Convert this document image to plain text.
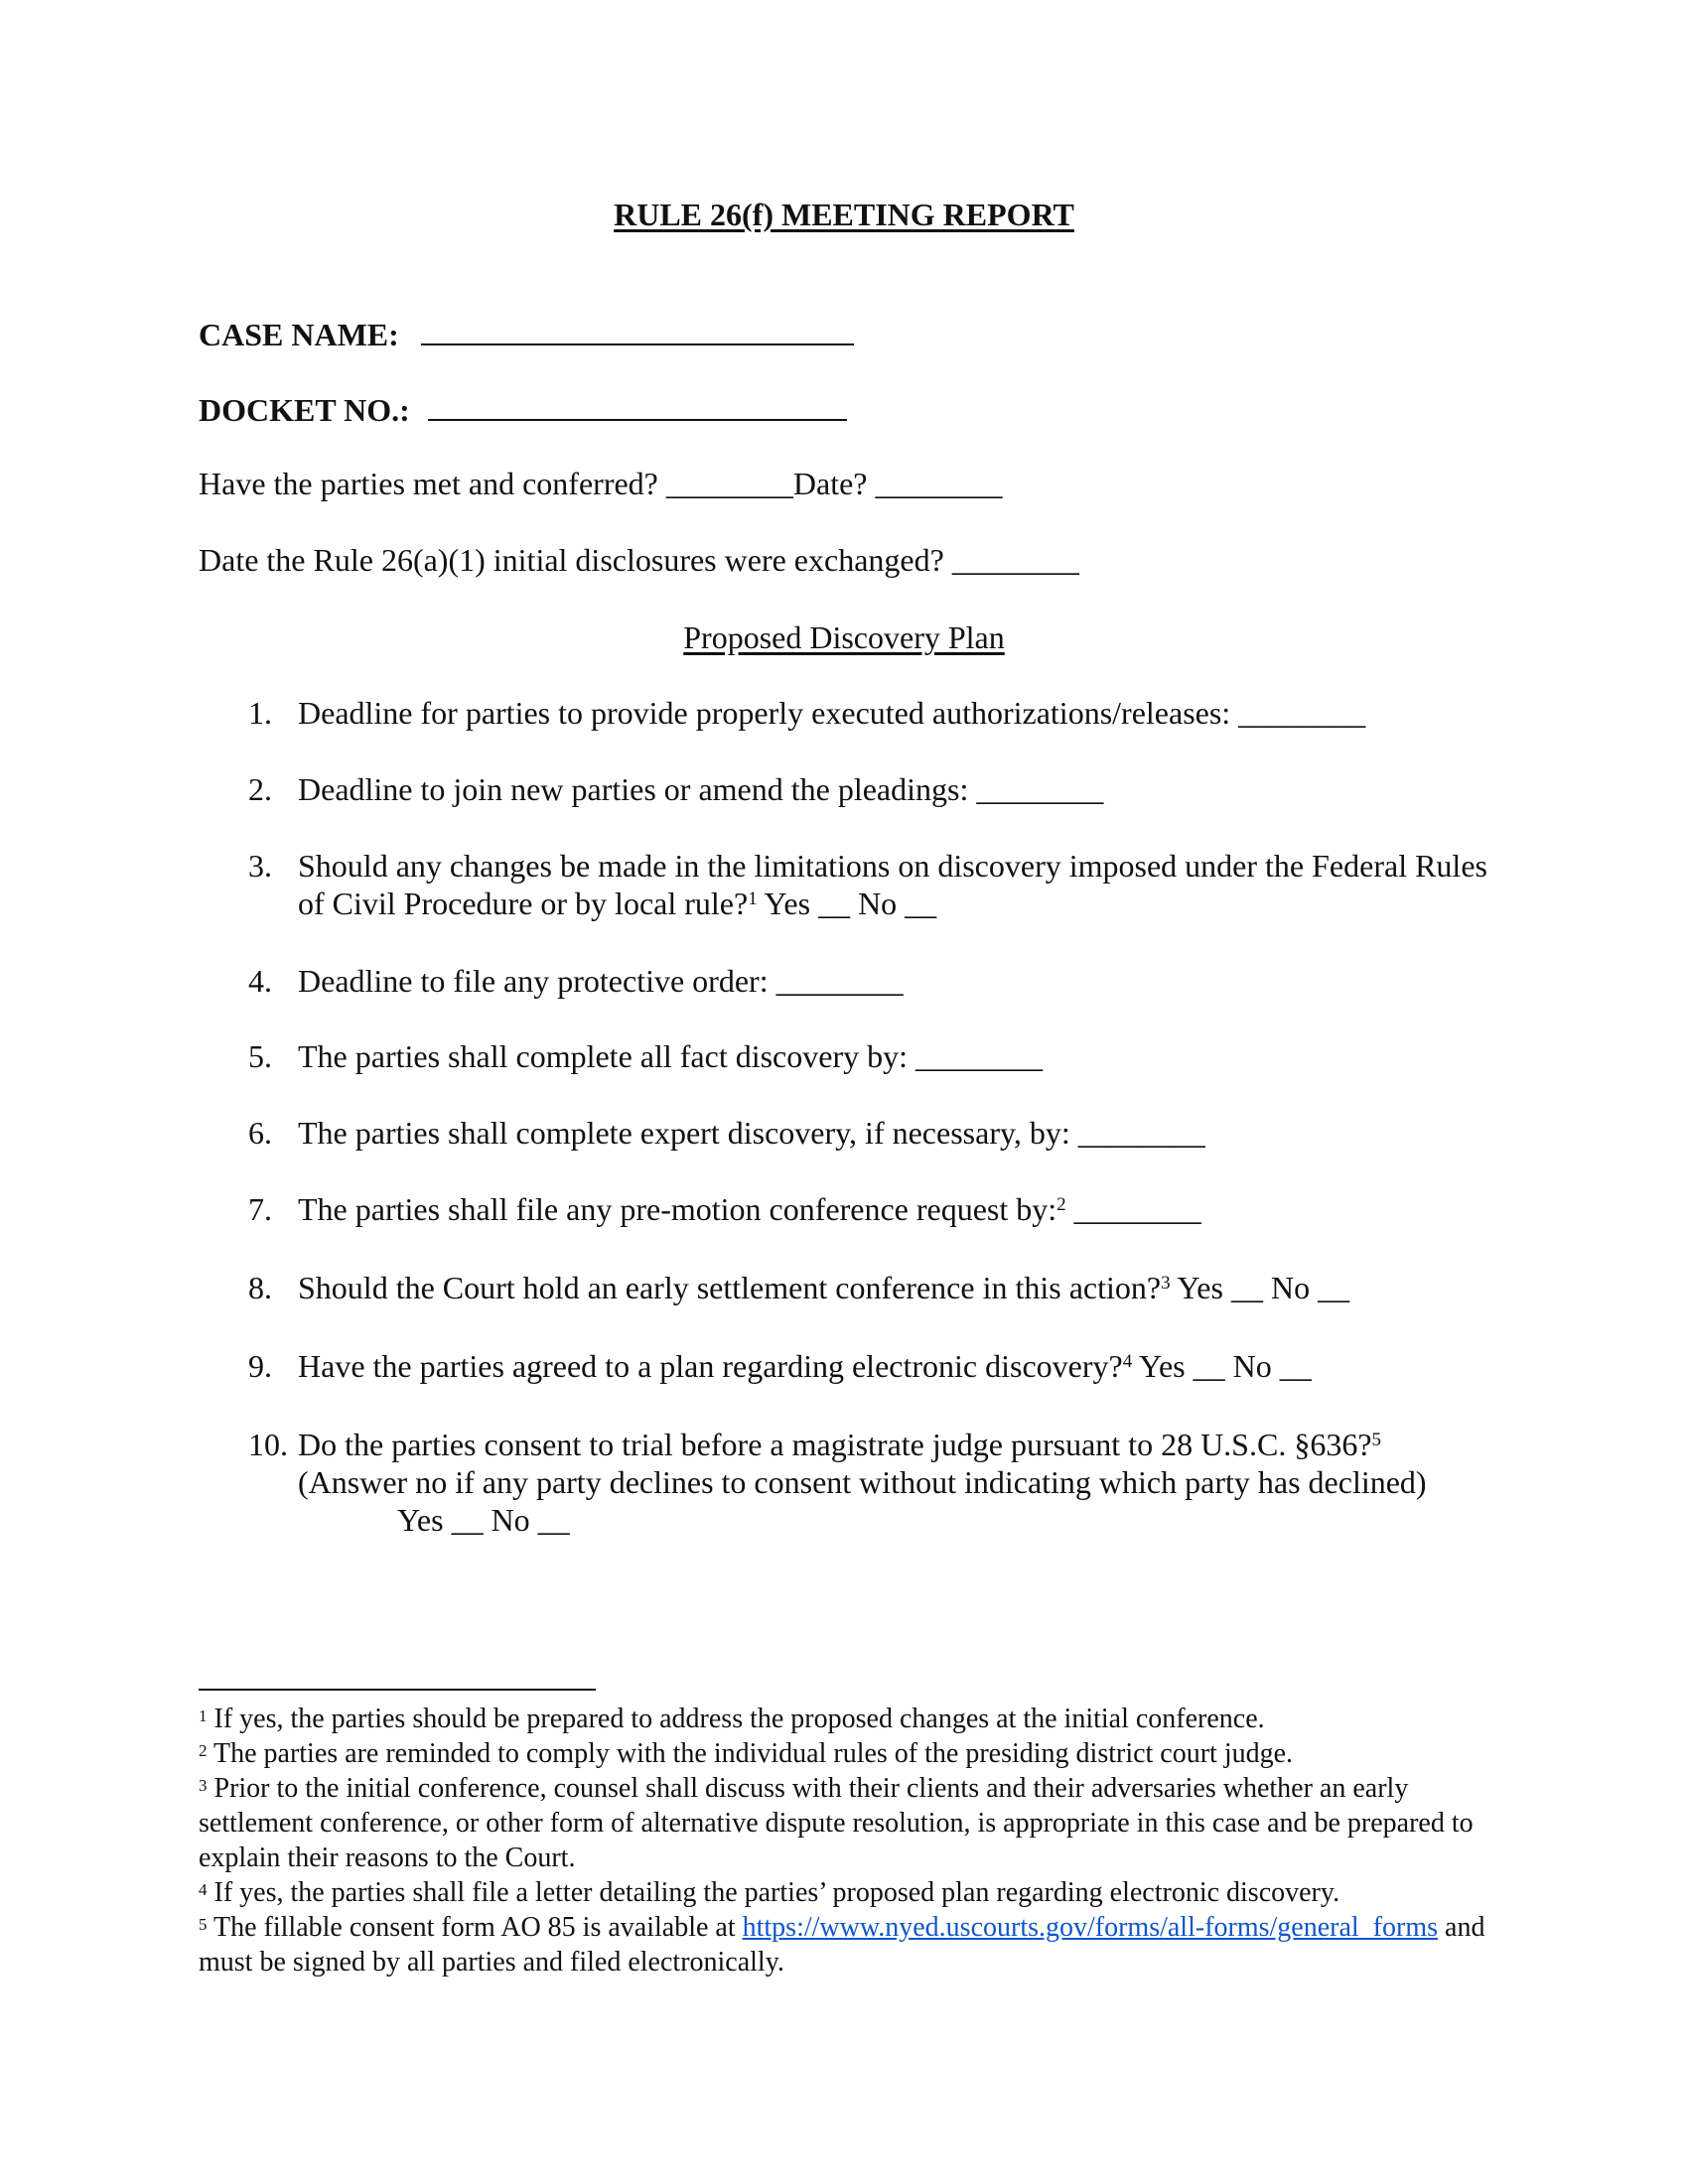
RULE 26(f) MEETING REPORT
CASE NAME:
DOCKET NO.:
Have the parties met and conferred? ________Date? ________
Date the Rule 26(a)(1) initial disclosures were exchanged? ________
Proposed Discovery Plan
1. Deadline for parties to provide properly executed authorizations/releases: ________
2. Deadline to join new parties or amend the pleadings: ________
3. Should any changes be made in the limitations on discovery imposed under the Federal Rules of Civil Procedure or by local rule?$^1$ Yes __ No __
4. Deadline to file any protective order: ________
5. The parties shall complete all fact discovery by: ________
6. The parties shall complete expert discovery, if necessary, by: ________
7. The parties shall file any pre-motion conference request by:$^2$ ________
8. Should the Court hold an early settlement conference in this action?$^3$ Yes __ No __
9. Have the parties agreed to a plan regarding electronic discovery?$^4$ Yes __ No __
10. Do the parties consent to trial before a magistrate judge pursuant to 28 U.S.C. §636?$^5$
(Answer no if any party declines to consent without indicating which party has declined)
Yes __ No __

$^1$ If yes, the parties should be prepared to address the proposed changes at the initial conference.

$^2$ The parties are reminded to comply with the individual rules of the presiding district court judge.

$^3$ Prior to the initial conference, counsel shall discuss with their clients and their adversaries whether an early settlement conference, or other form of alternative dispute resolution, is appropriate in this case and be prepared to explain their reasons to the Court.

$^4$ If yes, the parties shall file a letter detailing the parties’ proposed plan regarding electronic discovery.

$^5$ The fillable consent form AO 85 is available at https://www.nyed.uscourts.gov/forms/all-forms/general_forms and must be signed by all parties and filed electronically.
